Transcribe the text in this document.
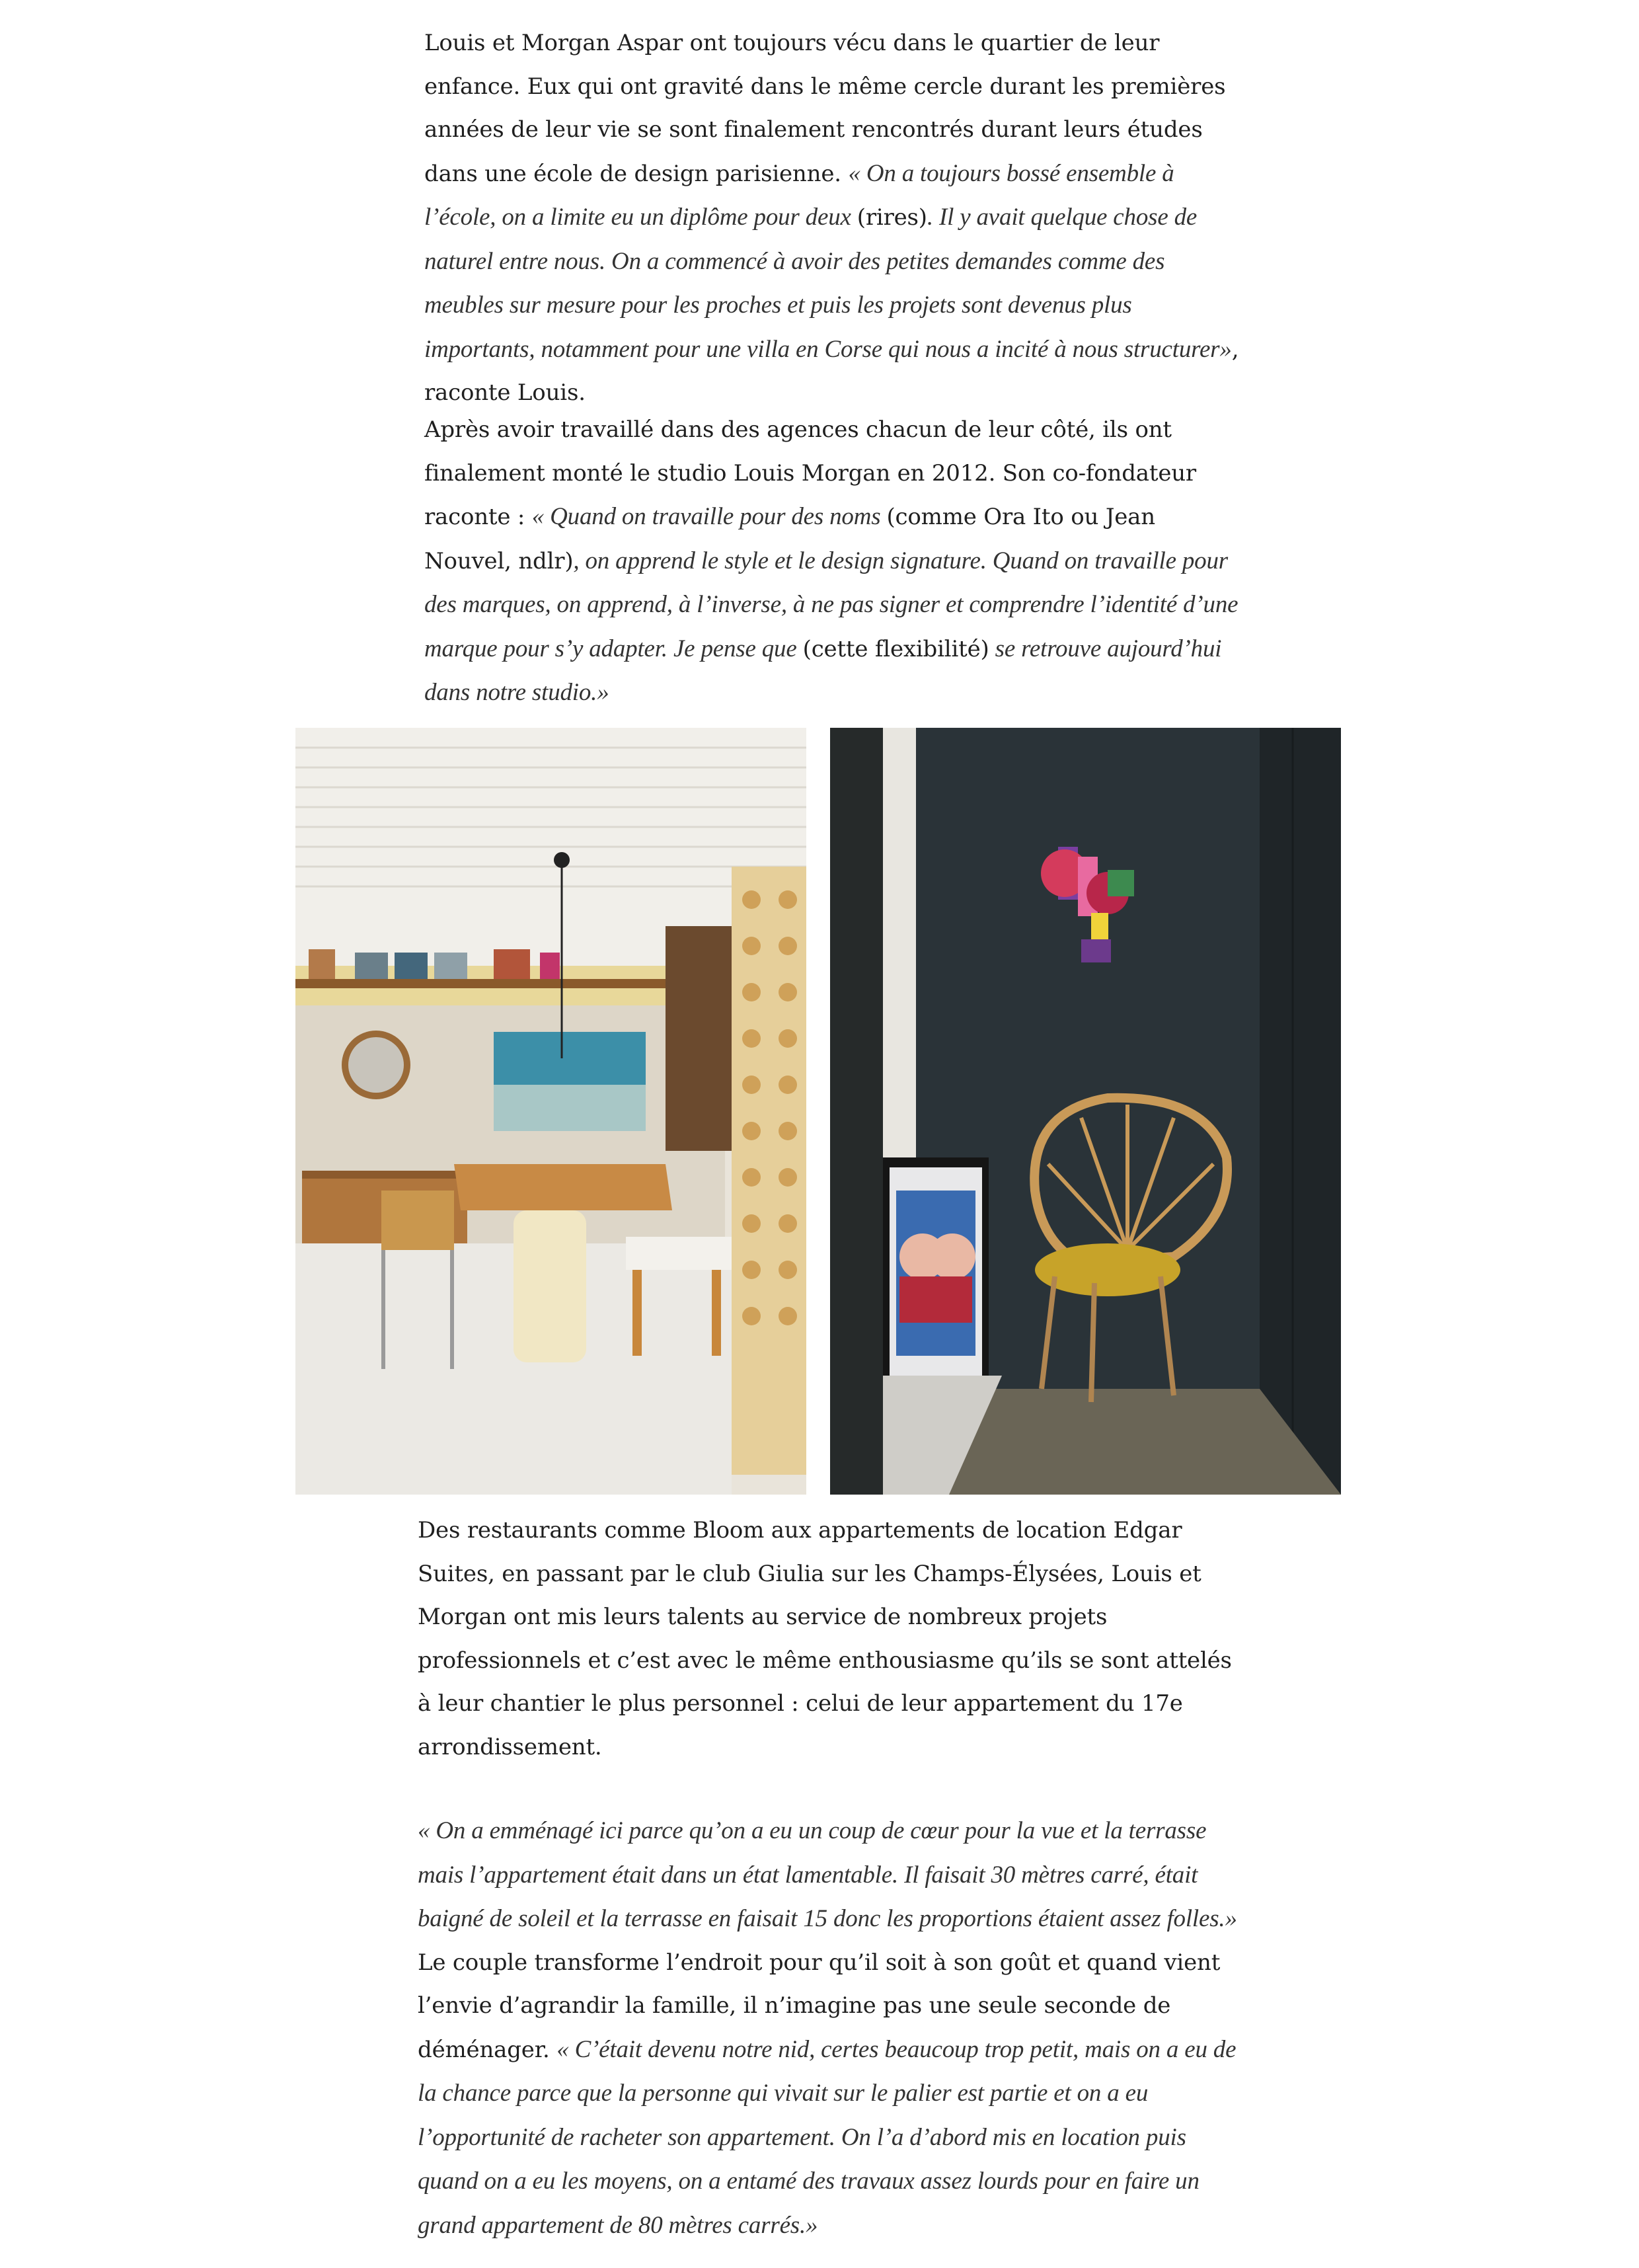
Louis et Morgan Aspar ont toujours vécu dans le quartier de leur enfance. Eux qui ont gravité dans le même cercle durant les premières années de leur vie se sont finalement rencontrés durant leurs études dans une école de design parisienne. « On a toujours bossé ensemble à l’école, on a limite eu un diplôme pour deux (rires). Il y avait quelque chose de naturel entre nous. On a commencé à avoir des petites demandes comme des meubles sur mesure pour les proches et puis les projets sont devenus plus importants, notamment pour une villa en Corse qui nous a incité à nous structurer», raconte Louis.

Après avoir travaillé dans des agences chacun de leur côté, ils ont finalement monté le studio Louis Morgan en 2012. Son co-fondateur raconte : « Quand on travaille pour des noms (comme Ora Ito ou Jean Nouvel, ndlr), on apprend le style et le design signature. Quand on travaille pour des marques, on apprend, à l’inverse, à ne pas signer et comprendre l’identité d’une marque pour s’y adapter. Je pense que (cette flexibilité) se retrouve aujourd’hui dans notre studio.»

Des restaurants comme Bloom aux appartements de location Edgar Suites, en passant par le club Giulia sur les Champs-Élysées, Louis et Morgan ont mis leurs talents au service de nombreux projets professionnels et c’est avec le même enthousiasme qu’ils se sont attelés à leur chantier le plus personnel : celui de leur appartement du 17e arrondissement.

« On a emménagé ici parce qu’on a eu un coup de cœur pour la vue et la terrasse mais l’appartement était dans un état lamentable. Il faisait 30 mètres carré, était baigné de soleil et la terrasse en faisait 15 donc les proportions étaient assez folles.» Le couple transforme l’endroit pour qu’il soit à son goût et quand vient l’envie d’agrandir la famille, il n’imagine pas une seule seconde de déménager. « C’était devenu notre nid, certes beaucoup trop petit, mais on a eu de la chance parce que la personne qui vivait sur le palier est partie et on a eu l’opportunité de racheter son appartement. On l’a d’abord mis en location puis quand on a eu les moyens, on a entamé des travaux assez lourds pour en faire un grand appartement de 80 mètres carrés.»
